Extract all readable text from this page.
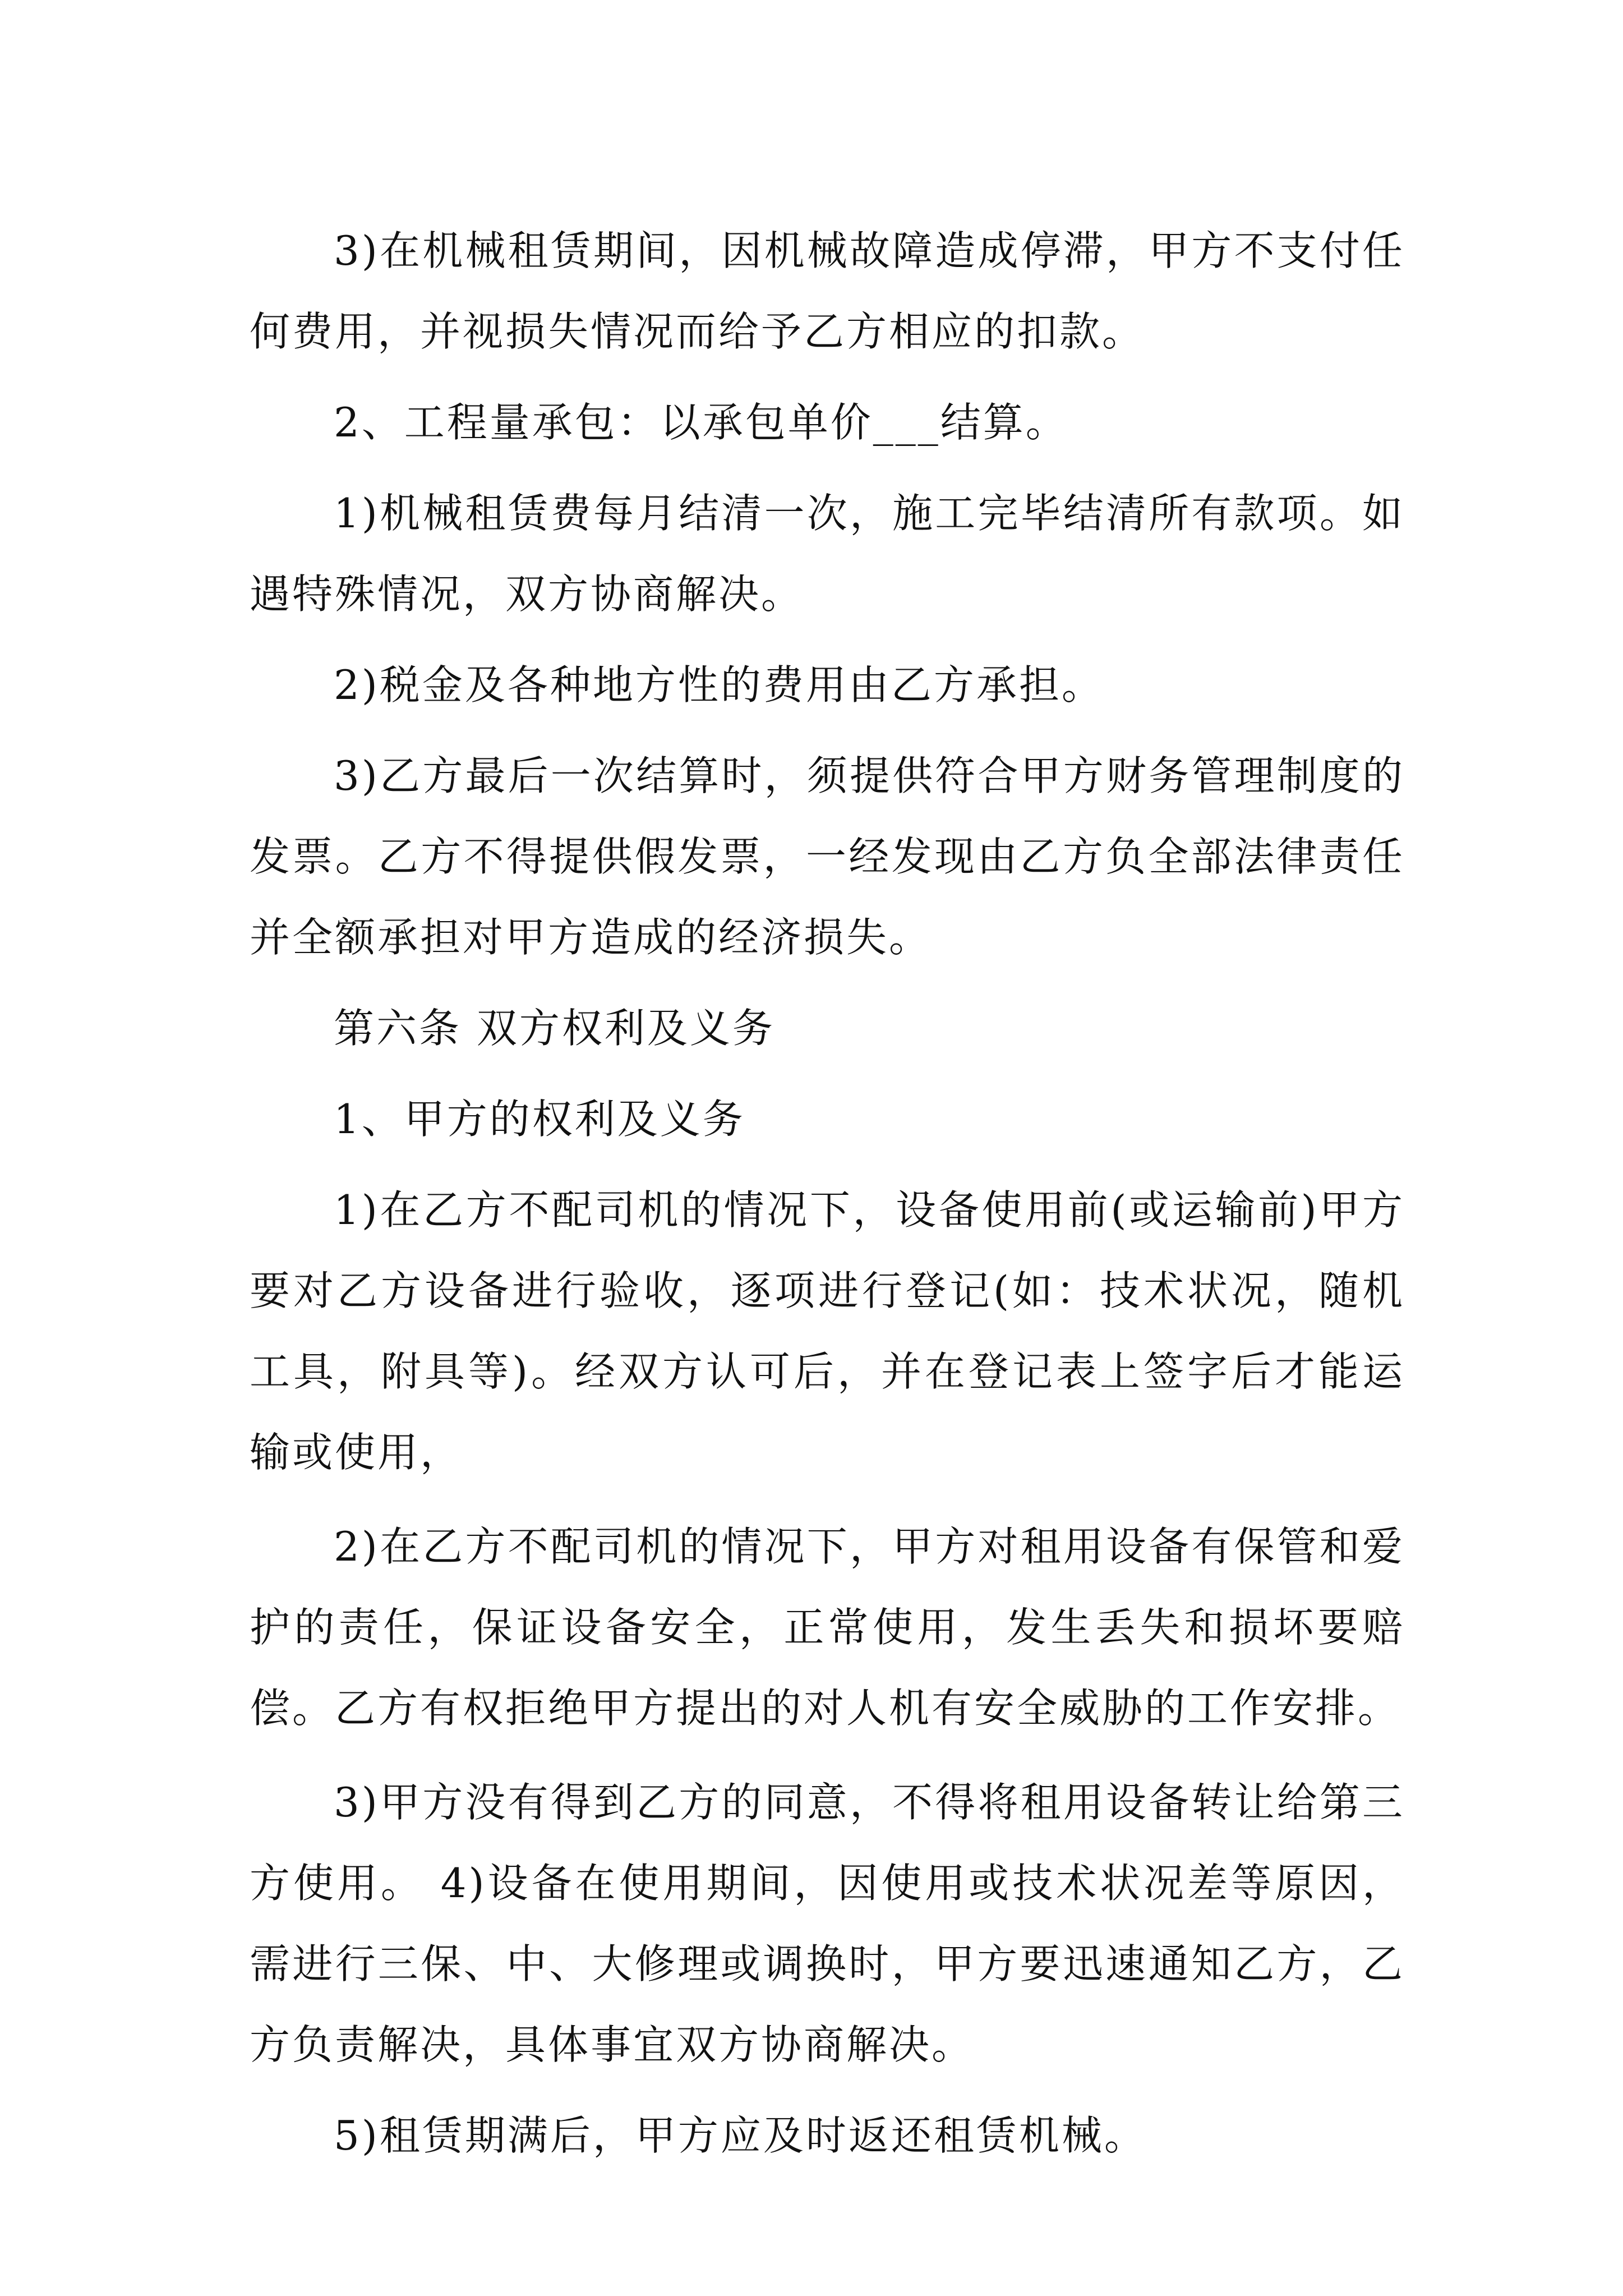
3)在机械租赁期间，因机械故障造成停滞，甲方不支付任何费用，并视损失情况而给予乙方相应的扣款。

2、工程量承包：以承包单价___结算。

1)机械租赁费每月结清一次，施工完毕结清所有款项。如遇特殊情况，双方协商解决。

2)税金及各种地方性的费用由乙方承担。

3)乙方最后一次结算时，须提供符合甲方财务管理制度的发票。乙方不得提供假发票，一经发现由乙方负全部法律责任并全额承担对甲方造成的经济损失。

第六条 双方权利及义务

1、甲方的权利及义务

1)在乙方不配司机的情况下，设备使用前(或运输前)甲方要对乙方设备进行验收，逐项进行登记(如：技术状况，随机工具，附具等)。经双方认可后，并在登记表上签字后才能运输或使用，

2)在乙方不配司机的情况下，甲方对租用设备有保管和爱护的责任，保证设备安全，正常使用，发生丢失和损坏要赔偿。乙方有权拒绝甲方提出的对人机有安全威胁的工作安排。

3)甲方没有得到乙方的同意，不得将租用设备转让给第三方使用。 4)设备在使用期间，因使用或技术状况差等原因，需进行三保、中、大修理或调换时，甲方要迅速通知乙方，乙方负责解决，具体事宜双方协商解决。

5)租赁期满后，甲方应及时返还租赁机械。
